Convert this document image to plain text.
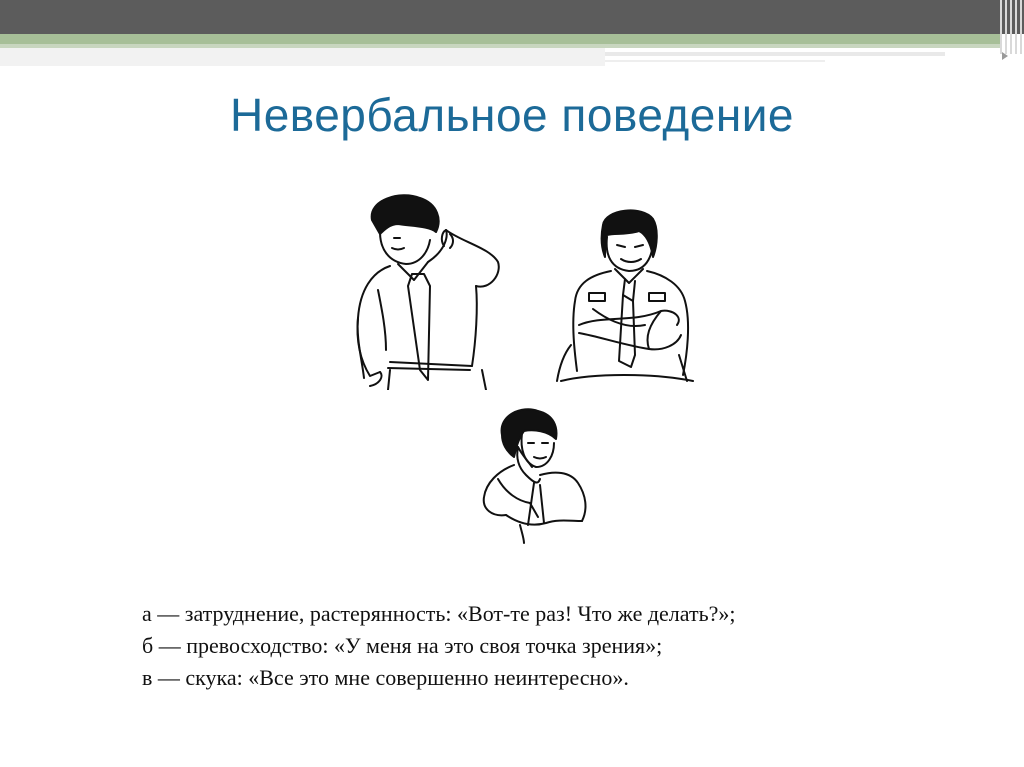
Невербальное поведение
а — затруднение, растерянность: «Вот-те раз! Что же делать?»;
б — превосходство: «У меня на это своя точка зрения»;
в — скука: «Все это мне совершенно неинтересно».
